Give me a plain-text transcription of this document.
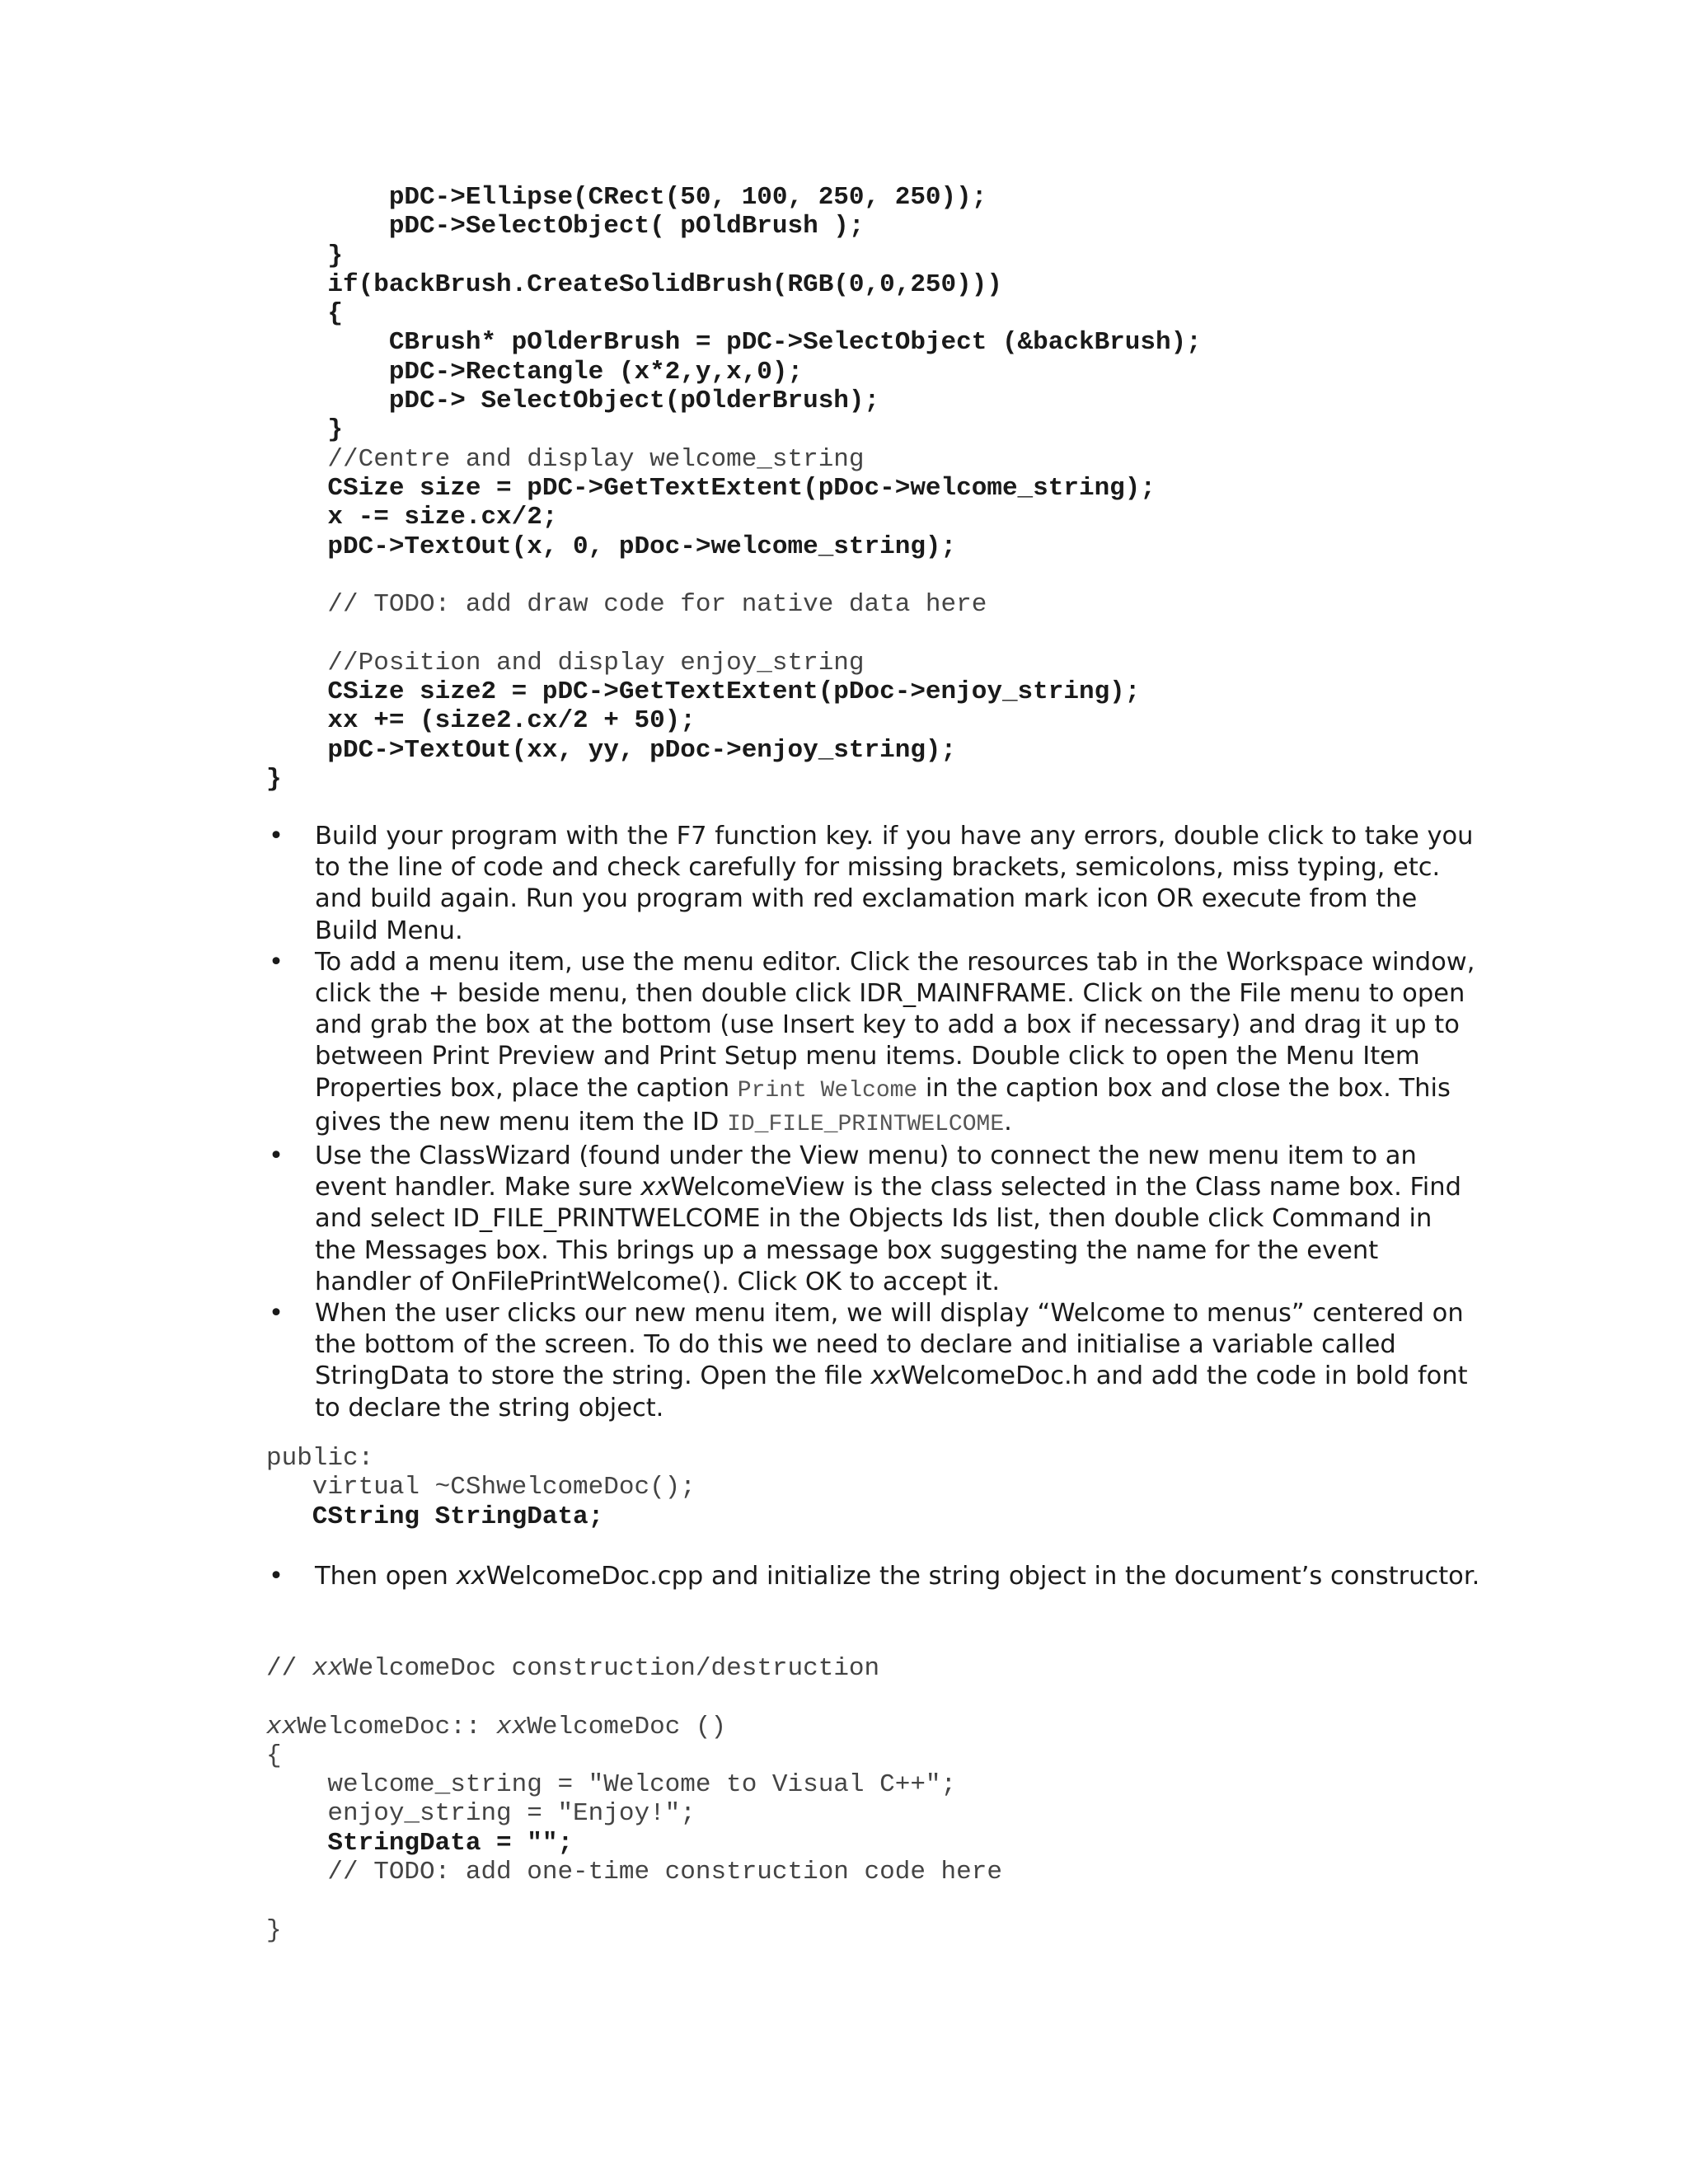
pDC->Ellipse(CRect(50, 100, 250, 250));
pDC->SelectObject( pOldBrush );
}
if(backBrush.CreateSolidBrush(RGB(0,0,250)))
{
CBrush* pOlderBrush = pDC->SelectObject (&backBrush);
pDC->Rectangle (x*2,y,x,0);
pDC-> SelectObject(pOlderBrush);
}
//Centre and display welcome_string
CSize size = pDC->GetTextExtent(pDoc->welcome_string);
x -= size.cx/2;
pDC->TextOut(x, 0, pDoc->welcome_string);
// TODO: add draw code for native data here
//Position and display enjoy_string
CSize size2 = pDC->GetTextExtent(pDoc->enjoy_string);
xx += (size2.cx/2 + 50);
pDC->TextOut(xx, yy, pDoc->enjoy_string);
}
• Build your program with the F7 function key. if you have any errors, double click to take you to the line of code and check carefully for missing brackets, semicolons, miss typing, etc. and build again. Run you program with red exclamation mark icon OR execute from the Build Menu.
• To add a menu item, use the menu editor. Click the resources tab in the Workspace window, click the + beside menu, then double click IDR_MAINFRAME. Click on the File menu to open and grab the box at the bottom (use Insert key to add a box if necessary) and drag it up to between Print Preview and Print Setup menu items. Double click to open the Menu Item Properties box, place the caption Print Welcome in the caption box and close the box. This gives the new menu item the ID ID_FILE_PRINTWELCOME.
• Use the ClassWizard (found under the View menu) to connect the new menu item to an event handler. Make sure xxWelcomeView is the class selected in the Class name box. Find and select ID_FILE_PRINTWELCOME in the Objects Ids list, then double click Command in the Messages box. This brings up a message box suggesting the name for the event handler of OnFilePrintWelcome(). Click OK to accept it.
• When the user clicks our new menu item, we will display “Welcome to menus” centered on the bottom of the screen. To do this we need to declare and initialise a variable called StringData to store the string. Open the file xxWelcomeDoc.h and add the code in bold font to declare the string object.
public:
virtual ~CShwelcomeDoc();
CString StringData;
• Then open xxWelcomeDoc.cpp and initialize the string object in the document’s constructor.
// xxWelcomeDoc construction/destruction
xxWelcomeDoc:: xxWelcomeDoc ()
{
welcome_string = "Welcome to Visual C++";
enjoy_string = "Enjoy!";
StringData = "";
// TODO: add one-time construction code here
}
